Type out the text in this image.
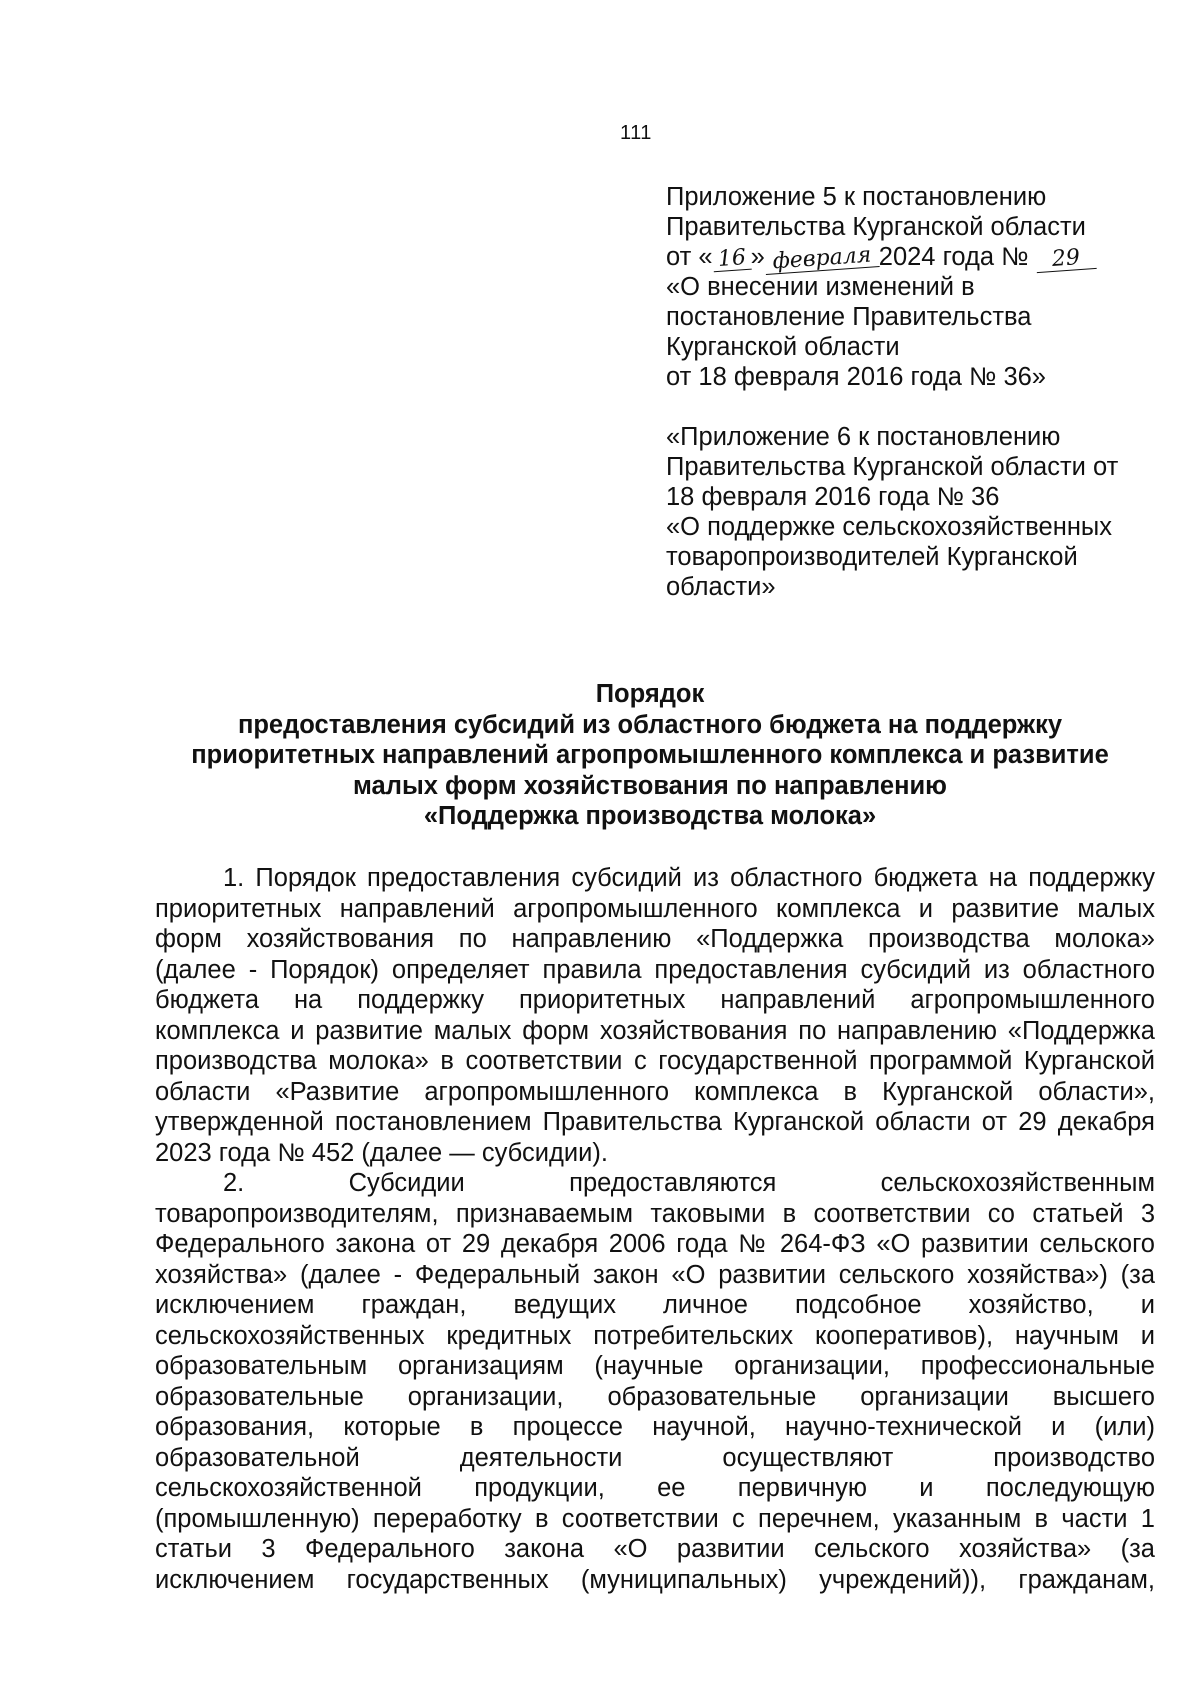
111
Приложение 5 к постановлению
Правительства Курганской области
от « 16 » февраля 2024 года № 29
«О внесении изменений в
постановление Правительства
Курганской области
от 18 февраля 2016 года № 36»
«Приложение 6 к постановлению
Правительства Курганской области от
18 февраля 2016 года № 36
«О поддержке сельскохозяйственных
товаропроизводителей Курганской
области»
Порядок
предоставления субсидий из областного бюджета на поддержку
приоритетных направлений агропромышленного комплекса и развитие
малых форм хозяйствования по направлению
«Поддержка производства молока»
1. Порядок предоставления субсидий из областного бюджета на поддержку
приоритетных направлений агропромышленного комплекса и развитие малых
форм хозяйствования по направлению «Поддержка производства молока»
(далее - Порядок) определяет правила предоставления субсидий из областного
бюджета на поддержку приоритетных направлений агропромышленного
комплекса и развитие малых форм хозяйствования по направлению «Поддержка
производства молока» в соответствии с государственной программой Курганской
области «Развитие агропромышленного комплекса в Курганской области»,
утвержденной постановлением Правительства Курганской области от 29 декабря
2023 года № 452 (далее — субсидии).
2. Субсидии предоставляются сельскохозяйственным
товаропроизводителям, признаваемым таковыми в соответствии со статьей 3
Федерального закона от 29 декабря 2006 года № 264-ФЗ «О развитии сельского
хозяйства» (далее - Федеральный закон «О развитии сельского хозяйства») (за
исключением граждан, ведущих личное подсобное хозяйство, и
сельскохозяйственных кредитных потребительских кооперативов), научным и
образовательным организациям (научные организации, профессиональные
образовательные организации, образовательные организации высшего
образования, которые в процессе научной, научно-технической и (или)
образовательной деятельности осуществляют производство
сельскохозяйственной продукции, ее первичную и последующую
(промышленную) переработку в соответствии с перечнем, указанным в части 1
статьи 3 Федерального закона «О развитии сельского хозяйства» (за
исключением государственных (муниципальных) учреждений)), гражданам,
